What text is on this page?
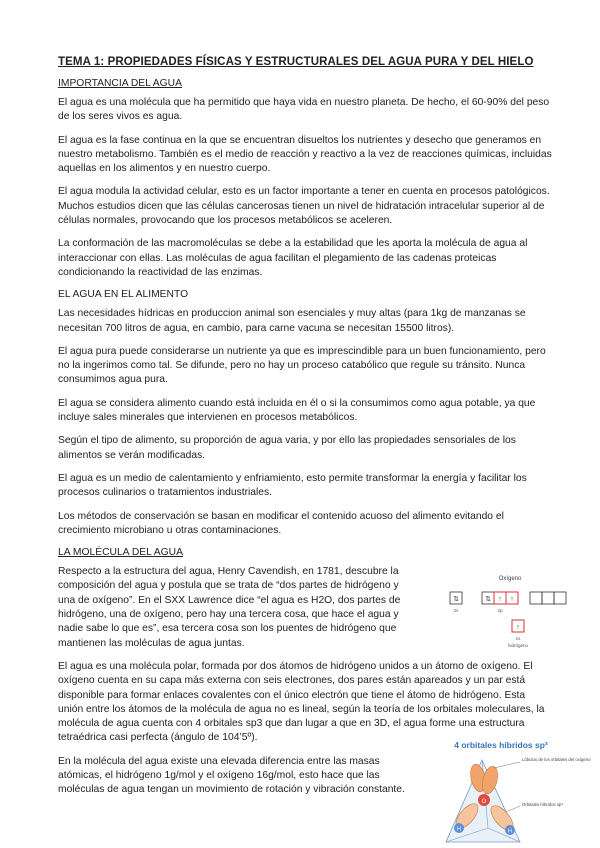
TEMA 1: PROPIEDADES FÍSICAS Y ESTRUCTURALES DEL AGUA PURA Y DEL HIELO
IMPORTANCIA DEL AGUA

El agua es una molécula que ha permitido que haya vida en nuestro planeta. De hecho, el 60-90% del peso de los seres vivos es agua.

El agua es la fase continua en la que se encuentran disueltos los nutrientes y desecho que generamos en nuestro metabolismo. También es el medio de reacción y reactivo a la vez de reacciones químicas, incluidas aquellas en los alimentos y en nuestro cuerpo.

El agua modula la actividad celular, esto es un factor importante a tener en cuenta en procesos patológicos. Muchos estudios dicen que las células cancerosas tienen un nivel de hidratación intracelular superior al de células normales, provocando que los procesos metabólicos se aceleren.

La conformación de las macromoléculas se debe a la estabilidad que les aporta la molécula de agua al interaccionar con ellas. Las moléculas de agua facilitan el plegamiento de las cadenas proteicas condicionando la reactividad de las enzimas.

EL AGUA EN EL ALIMENTO

Las necesidades hídricas en produccion animal son esenciales y muy altas (para 1kg de manzanas se necesitan 700 litros de agua, en cambio, para carne vacuna se necesitan 15500 litros).

El agua pura puede considerarse un nutriente ya que es imprescindible para un buen funcionamiento, pero no la ingerimos como tal. Se difunde, pero no hay un proceso catabólico que regule su tránsito. Nunca consumimos agua pura.

El agua se considera alimento cuando está incluida en él o si la consumimos como agua potable, ya que incluye sales minerales que intervienen en procesos metabólicos.

Según el tipo de alimento, su proporción de agua varia, y por ello las propiedades sensoriales de los alimentos se verán modificadas.

El agua es un medio de calentamiento y enfriamiento, esto permite transformar la energía y facilitar los procesos culinarios o tratamientos industriales.

Los métodos de conservación se basan en modificar el contenido acuoso del alimento evitando el crecimiento microbiano u otras contaminaciones.

LA MOLÉCULA DEL AGUA

Respecto a la estructura del agua, Henry Cavendish, en 1781, descubre la composición del agua y postula que se trata de “dos partes de hidrógeno y una de oxígeno”. En el SXX Lawrence dice “el agua es H2O, dos partes de hidrógeno, una de oxígeno, pero hay una tercera cosa, que hace el agua y nadie sabe lo que es”, esa tercera cosa son los puentes de hidrógeno que mantienen las moléculas de agua juntas.

El agua es una molécula polar, formada por dos átomos de hidrógeno unidos a un átomo de oxígeno. El oxígeno cuenta en su capa más externa con seis electrones, dos pares están apareados y un par está disponible para formar enlaces covalentes con el único electrón que tiene el átomo de hidrógeno. Esta unión entre los átomos de la molécula de agua no es lineal, según la teoría de los orbitales moleculares, la molécula de agua cuenta con 4 orbitales sp3 que dan lugar a que en 3D, el agua forme una estructura tetraédrica casi perfecta (ángulo de 104’5º).

En la molécula del agua existe una elevada diferencia entre las masas atómicas, el hidrógeno 1g/mol y el oxígeno 16g/mol, esto hace que las moléculas de agua tengan un movimiento de rotación y vibración constante.

Oxígeno
⇅	⇅ ↑ ↑
2s	2p
↑
1s
hidrógeno
4 orbitales híbridos sp³
O
H	H
Lóbulos de los orbitales del oxígeno
Orbitales híbridos sp³
